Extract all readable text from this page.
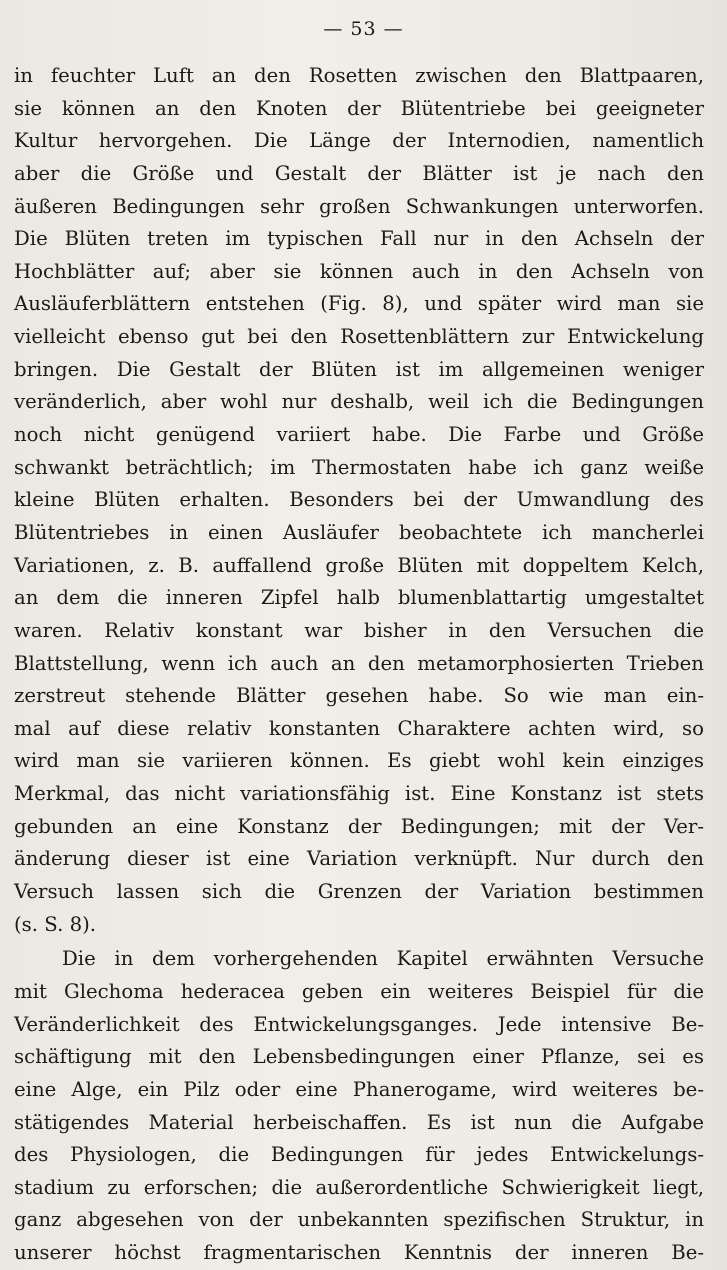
— 53 —
in feuchter Luft an den Rosetten zwischen den Blattpaaren,
sie können an den Knoten der Blütentriebe bei geeigneter
Kultur hervorgehen. Die Länge der Internodien, namentlich
aber die Größe und Gestalt der Blätter ist je nach den
äußeren Bedingungen sehr großen Schwankungen unterworfen.
Die Blüten treten im typischen Fall nur in den Achseln der
Hochblätter auf; aber sie können auch in den Achseln von
Ausläuferblättern entstehen (Fig. 8), und später wird man sie
vielleicht ebenso gut bei den Rosettenblättern zur Entwickelung
bringen. Die Gestalt der Blüten ist im allgemeinen weniger
veränderlich, aber wohl nur deshalb, weil ich die Bedingungen
noch nicht genügend variiert habe. Die Farbe und Größe
schwankt beträchtlich; im Thermostaten habe ich ganz weiße
kleine Blüten erhalten. Besonders bei der Umwandlung des
Blütentriebes in einen Ausläufer beobachtete ich mancherlei
Variationen, z. B. auffallend große Blüten mit doppeltem Kelch,
an dem die inneren Zipfel halb blumenblattartig umgestaltet
waren. Relativ konstant war bisher in den Versuchen die
Blattstellung, wenn ich auch an den metamorphosierten Trieben
zerstreut stehende Blätter gesehen habe. So wie man ein-
mal auf diese relativ konstanten Charaktere achten wird, so
wird man sie variieren können. Es giebt wohl kein einziges
Merkmal, das nicht variationsfähig ist. Eine Konstanz ist stets
gebunden an eine Konstanz der Bedingungen; mit der Ver-
änderung dieser ist eine Variation verknüpft. Nur durch den
Versuch lassen sich die Grenzen der Variation bestimmen
(s. S. 8).
Die in dem vorhergehenden Kapitel erwähnten Versuche
mit Glechoma hederacea geben ein weiteres Beispiel für die
Veränderlichkeit des Entwickelungsganges. Jede intensive Be-
schäftigung mit den Lebensbedingungen einer Pflanze, sei es
eine Alge, ein Pilz oder eine Phanerogame, wird weiteres be-
stätigendes Material herbeischaffen. Es ist nun die Aufgabe
des Physiologen, die Bedingungen für jedes Entwickelungs-
stadium zu erforschen; die außerordentliche Schwierigkeit liegt,
ganz abgesehen von der unbekannten spezifischen Struktur, in
unserer höchst fragmentarischen Kenntnis der inneren Be-
